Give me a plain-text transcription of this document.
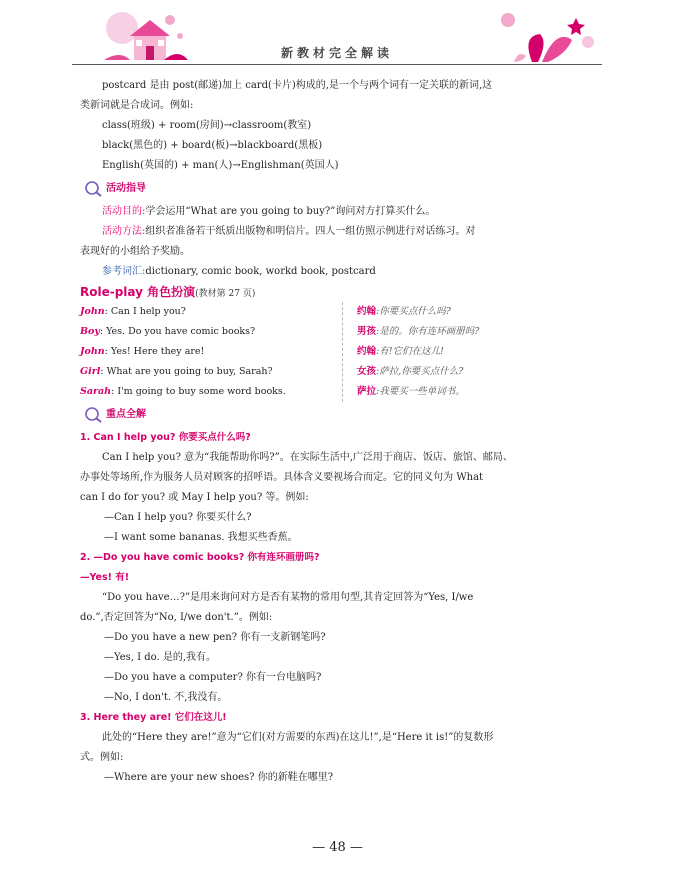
新教材完全解读

postcard 是由 post(邮递)加上 card(卡片)构成的,是一个与两个词有一定关联的新词,这

类新词就是合成词。例如:

class(班级) + room(房间)→classroom(教室)

black(黑色的) + board(板)→blackboard(黑板)

English(英国的) + man(人)→Englishman(英国人)

活动指导

活动目的:学会运用“What are you going to buy?”询问对方打算买什么。

活动方法:组织者准备若干纸质出版物和明信片。四人一组仿照示例进行对话练习。对

表现好的小组给予奖励。

参考词汇:dictionary, comic book, workd book, postcard

Role-play 角色扮演(教材第 27 页)
John: Can I help you?
Boy: Yes. Do you have comic books?
John: Yes! Here they are!
Girl: What are you going to buy, Sarah?
Sarah: I'm going to buy some word books.
约翰:你要买点什么吗?
男孩:是的。你有连环画册吗?
约翰:有!它们在这儿!
女孩:萨拉,你要买点什么?
萨拉:我要买一些单词书。
重点全解

1. Can I help you? 你要买点什么吗?

Can I help you? 意为“我能帮助你吗?”。在实际生活中,广泛用于商店、饭店、旅馆、邮局、

办事处等场所,作为服务人员对顾客的招呼语。具体含义要视场合而定。它的同义句为 What

can I do for you? 或 May I help you? 等。例如:

—Can I help you? 你要买什么?

—I want some bananas. 我想买些香蕉。

2. —Do you have comic books? 你有连环画册吗?

—Yes! 有!

“Do you have…?”是用来询问对方是否有某物的常用句型,其肯定回答为“Yes, I/we

do.”,否定回答为“No, I/we don't.”。例如:

—Do you have a new pen? 你有一支新钢笔吗?

—Yes, I do. 是的,我有。

—Do you have a computer? 你有一台电脑吗?

—No, I don't. 不,我没有。

3. Here they are! 它们在这儿!

此处的“Here they are!”意为“它们(对方需要的东西)在这儿!”,是“Here it is!”的复数形

式。例如:

—Where are your new shoes? 你的新鞋在哪里?

— 48 —
